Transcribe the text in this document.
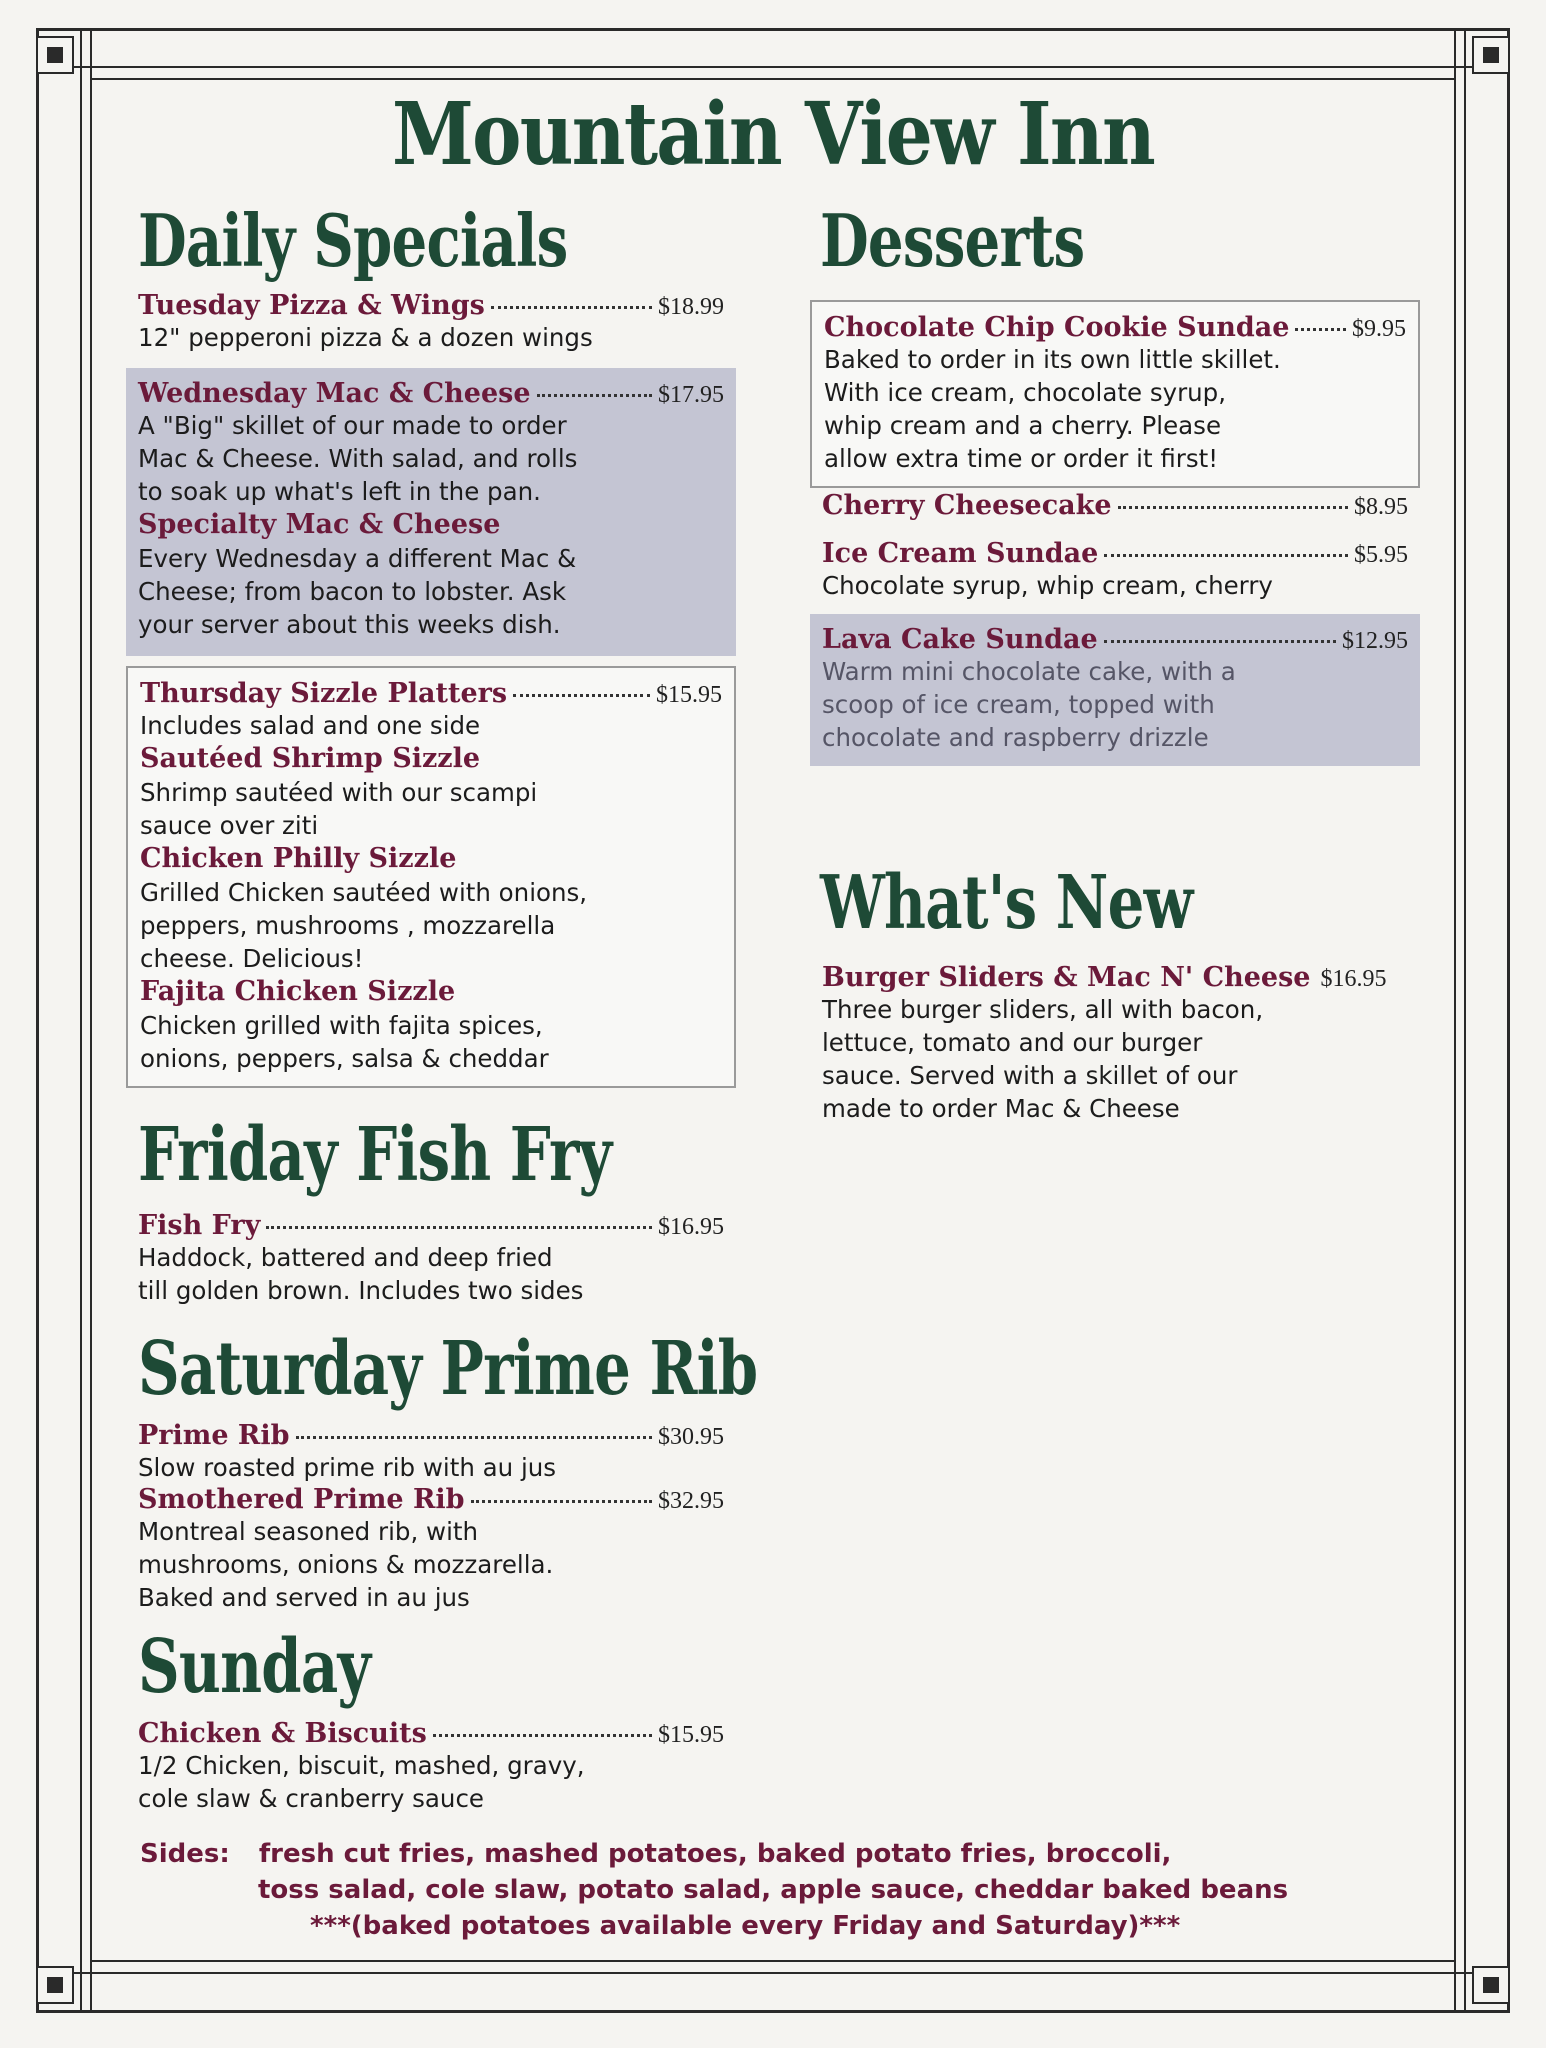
Mountain View Inn
Daily Specials
Tuesday Pizza & Wings	$18.99

12" pepperoni pizza & a dozen wings

Wednesday Mac & Cheese	$17.95

A "Big" skillet of our made to order
Mac & Cheese. With salad, and rolls
to soak up what's left in the pan.

Specialty Mac & Cheese

Every Wednesday a different Mac &
Cheese; from bacon to lobster. Ask
your server about this weeks dish.

Thursday Sizzle Platters	$15.95

Includes salad and one side

Sautéed Shrimp Sizzle

Shrimp sautéed with our scampi
sauce over ziti

Chicken Philly Sizzle

Grilled Chicken sautéed with onions,
peppers, mushrooms , mozzarella
cheese. Delicious!

Fajita Chicken Sizzle

Chicken grilled with fajita spices,
onions, peppers, salsa & cheddar

Friday Fish Fry
Fish Fry	$16.95

Haddock, battered and deep fried
till golden brown. Includes two sides

Saturday Prime Rib
Prime Rib	$30.95

Slow roasted prime rib with au jus

Smothered Prime Rib	$32.95

Montreal seasoned rib, with
mushrooms, onions & mozzarella.
Baked and served in au jus

Sunday
Chicken & Biscuits	$15.95

1/2 Chicken, biscuit, mashed, gravy,
cole slaw & cranberry sauce

Desserts
Chocolate Chip Cookie Sundae	$9.95

Baked to order in its own little skillet.
With ice cream, chocolate syrup,
whip cream and a cherry. Please
allow extra time or order it first!

Cherry Cheesecake	$8.95
Ice Cream Sundae	$5.95

Chocolate syrup, whip cream, cherry

Lava Cake Sundae	$12.95

Warm mini chocolate cake, with a
scoop of ice cream, topped with
chocolate and raspberry drizzle

What's New
Burger Sliders & Mac N' Cheese $16.95

Three burger sliders, all with bacon,
lettuce, tomato and our burger
sauce. Served with a skillet of our
made to order Mac & Cheese

Sides: fresh cut fries, mashed potatoes, baked potato fries, broccoli,
toss salad, cole slaw, potato salad, apple sauce, cheddar baked beans
***(baked potatoes available every Friday and Saturday)***
